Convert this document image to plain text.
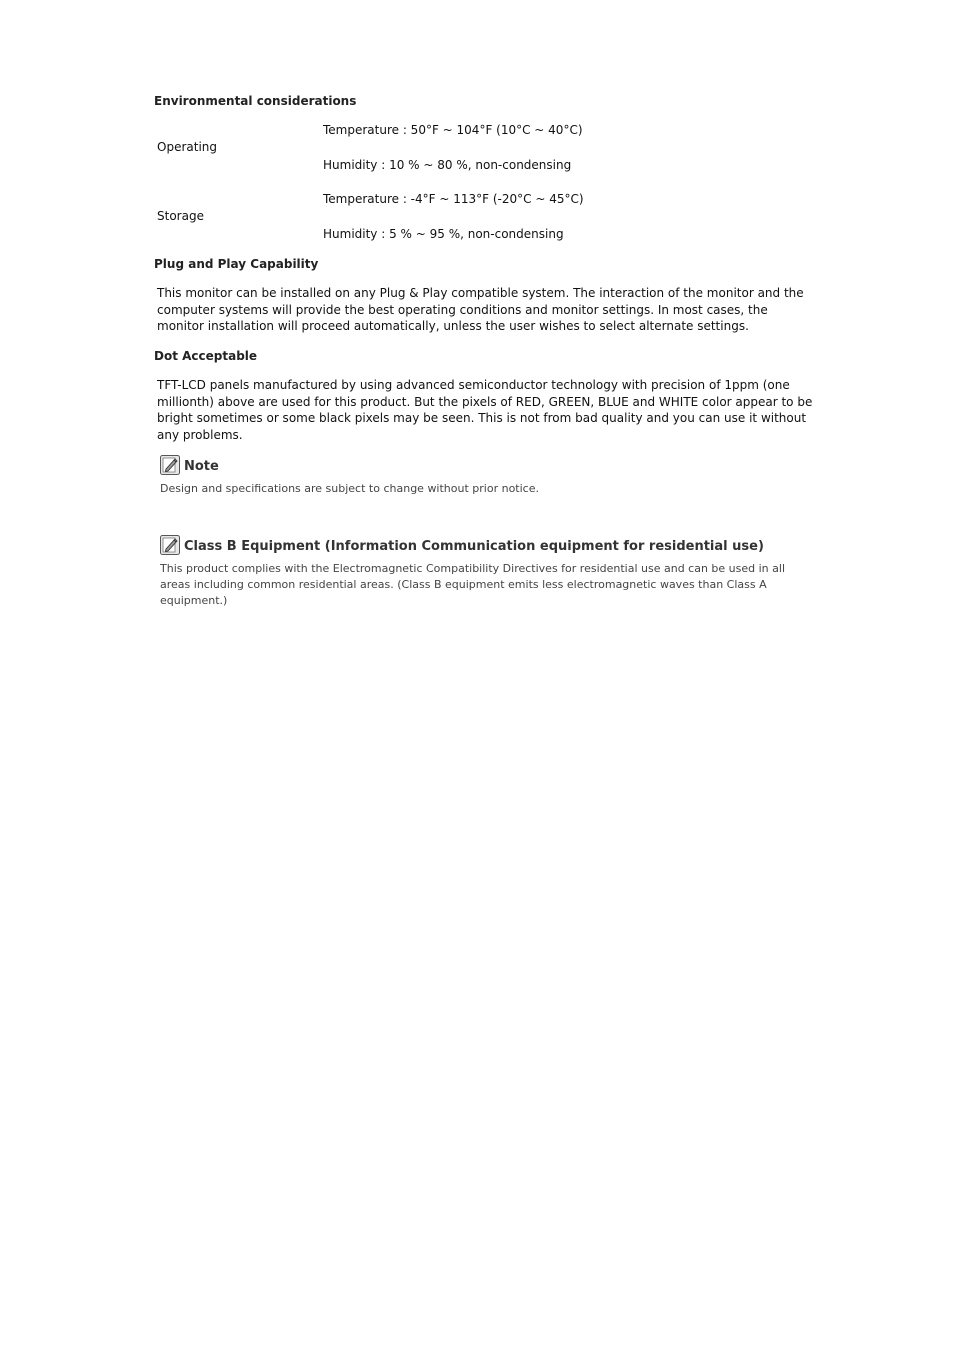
Environmental considerations
Operating
Temperature : 50°F ~ 104°F (10°C ~ 40°C)
Humidity : 10 % ~ 80 %, non-condensing
Storage
Temperature : -4°F ~ 113°F (-20°C ~ 45°C)
Humidity : 5 % ~ 95 %, non-condensing
Plug and Play Capability

This monitor can be installed on any Plug & Play compatible system. The interaction of the monitor and the computer systems will provide the best operating conditions and monitor settings. In most cases, the monitor installation will proceed automatically, unless the user wishes to select alternate settings.

Dot Acceptable

TFT-LCD panels manufactured by using advanced semiconductor technology with precision of 1ppm (one millionth) above are used for this product. But the pixels of RED, GREEN, BLUE and WHITE color appear to be bright sometimes or some black pixels may be seen. This is not from bad quality and you can use it without any problems.

Note

Design and specifications are subject to change without prior notice.

Class B Equipment (Information Communication equipment for residential use)

This product complies with the Electromagnetic Compatibility Directives for residential use and can be used in all areas including common residential areas. (Class B equipment emits less electromagnetic waves than Class A equipment.)
